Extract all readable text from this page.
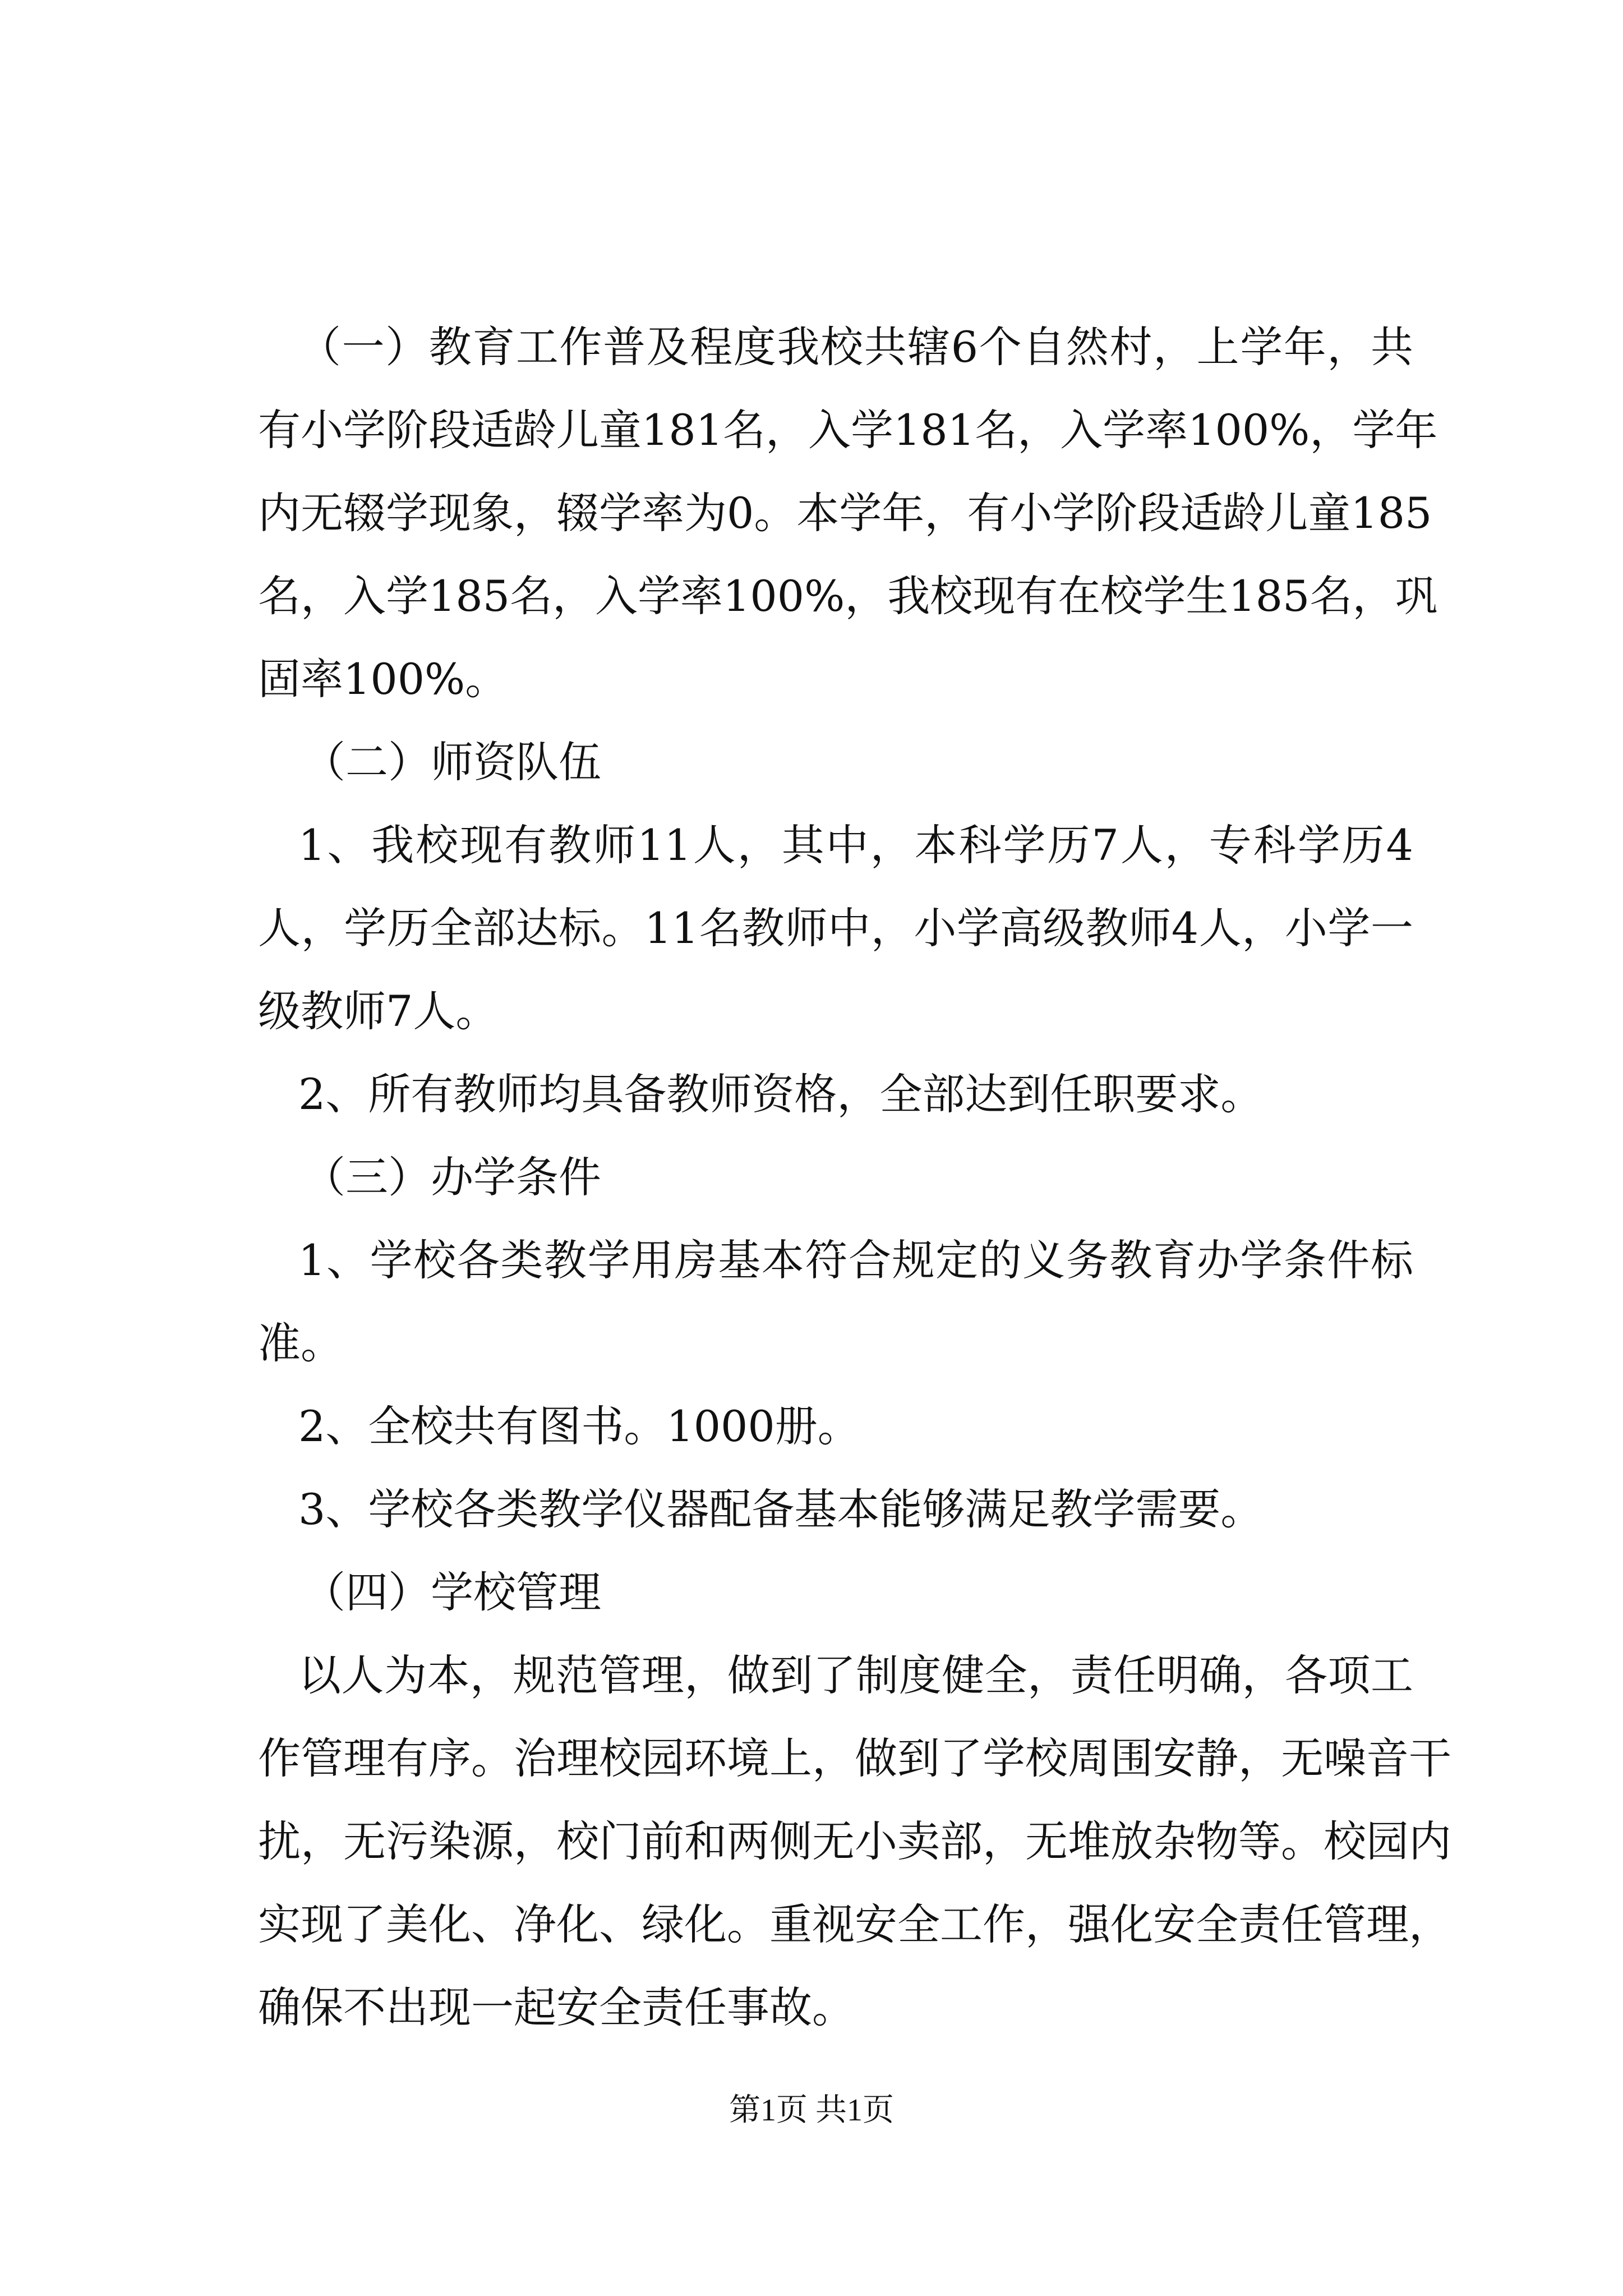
（一）教育工作普及程度我校共辖6个自然村，上学年，共

有小学阶段适龄儿童181名，入学181名，入学率100%，学年

内无辍学现象，辍学率为0。本学年，有小学阶段适龄儿童185

名，入学185名，入学率100%，我校现有在校学生185名，巩

固率100%。

（二）师资队伍

1、我校现有教师11人，其中，本科学历7人，专科学历4

人，学历全部达标。11名教师中，小学高级教师4人，小学一

级教师7人。

2、所有教师均具备教师资格，全部达到任职要求。

（三）办学条件

1、学校各类教学用房基本符合规定的义务教育办学条件标

准。

2、全校共有图书。1000册。

3、学校各类教学仪器配备基本能够满足教学需要。

（四）学校管理

以人为本，规范管理，做到了制度健全，责任明确，各项工

作管理有序。治理校园环境上，做到了学校周围安静，无噪音干

扰，无污染源，校门前和两侧无小卖部，无堆放杂物等。校园内

实现了美化、净化、绿化。重视安全工作，强化安全责任管理，

确保不出现一起安全责任事故。

第1页 共1页
